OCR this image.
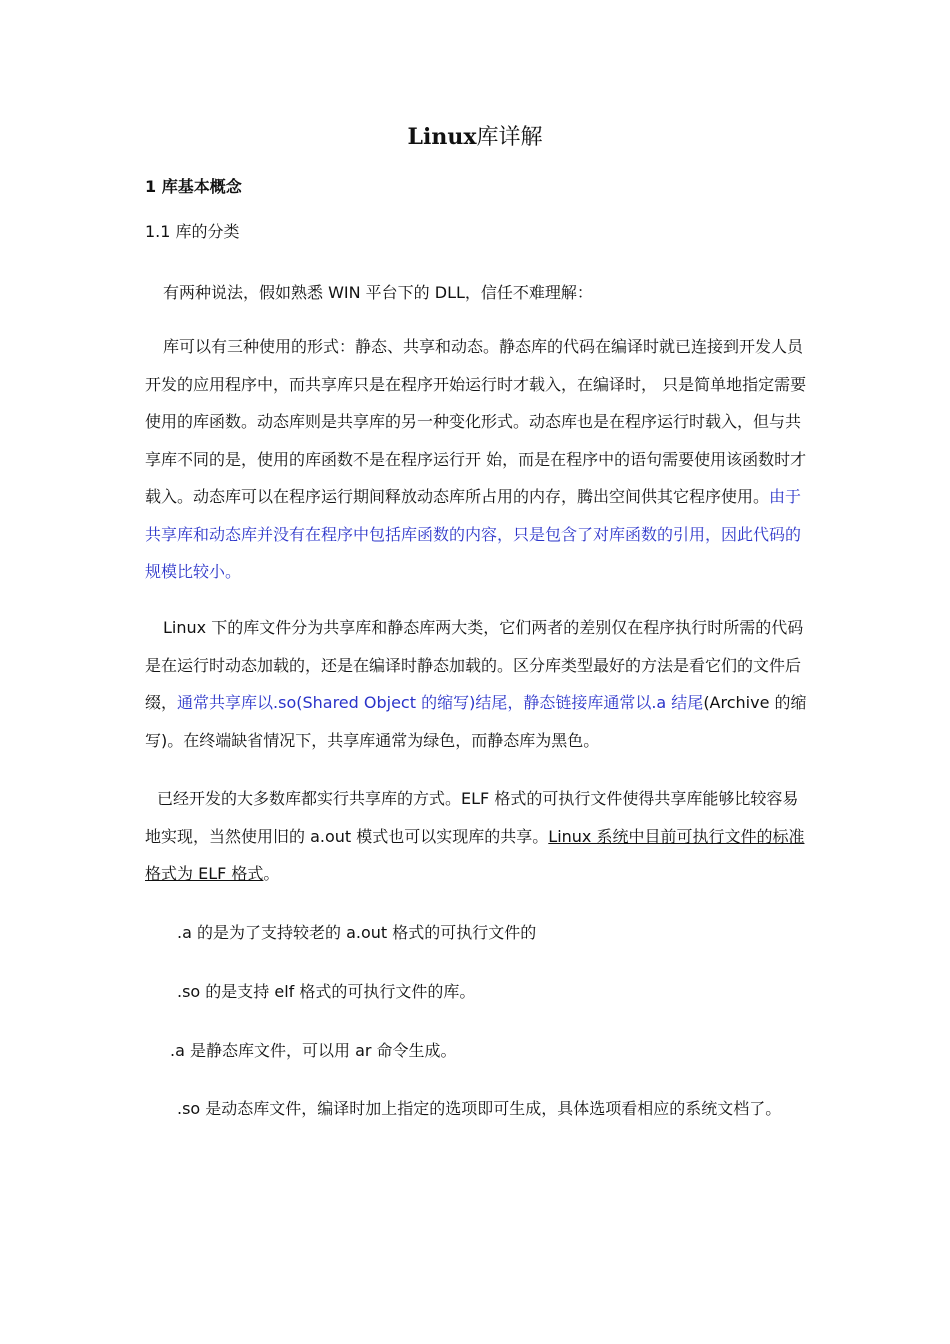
Linux库详解
1 库基本概念
1.1 库的分类

有两种说法，假如熟悉 WIN 平台下的 DLL，信任不难理解：

库可以有三种使用的形式：静态、共享和动态。静态库的代码在编译时就已连接到开发人员开发的应用程序中，而共享库只是在程序开始运行时才载入，在编译时， 只是简单地指定需要使用的库函数。动态库则是共享库的另一种变化形式。动态库也是在程序运行时载入，但与共享库不同的是，使用的库函数不是在程序运行开 始，而是在程序中的语句需要使用该函数时才载入。动态库可以在程序运行期间释放动态库所占用的内存，腾出空间供其它程序使用。由于共享库和动态库并没有在程序中包括库函数的内容，只是包含了对库函数的引用，因此代码的规模比较小。

Linux 下的库文件分为共享库和静态库两大类，它们两者的差别仅在程序执行时所需的代码是在运行时动态加载的，还是在编译时静态加载的。区分库类型最好的方法是看它们的文件后缀，通常共享库以.so(Shared Object 的缩写)结尾，静态链接库通常以.a 结尾(Archive 的缩写)。在终端缺省情况下，共享库通常为绿色，而静态库为黑色。

已经开发的大多数库都实行共享库的方式。ELF 格式的可执行文件使得共享库能够比较容易地实现，当然使用旧的 a.out 模式也可以实现库的共享。Linux 系统中目前可执行文件的标准格式为 ELF 格式。

.a 的是为了支持较老的 a.out 格式的可执行文件的
.so 的是支持 elf 格式的可执行文件的库。
.a 是静态库文件，可以用 ar 命令生成。
.so 是动态库文件，编译时加上指定的选项即可生成，具体选项看相应的系统文档了。
